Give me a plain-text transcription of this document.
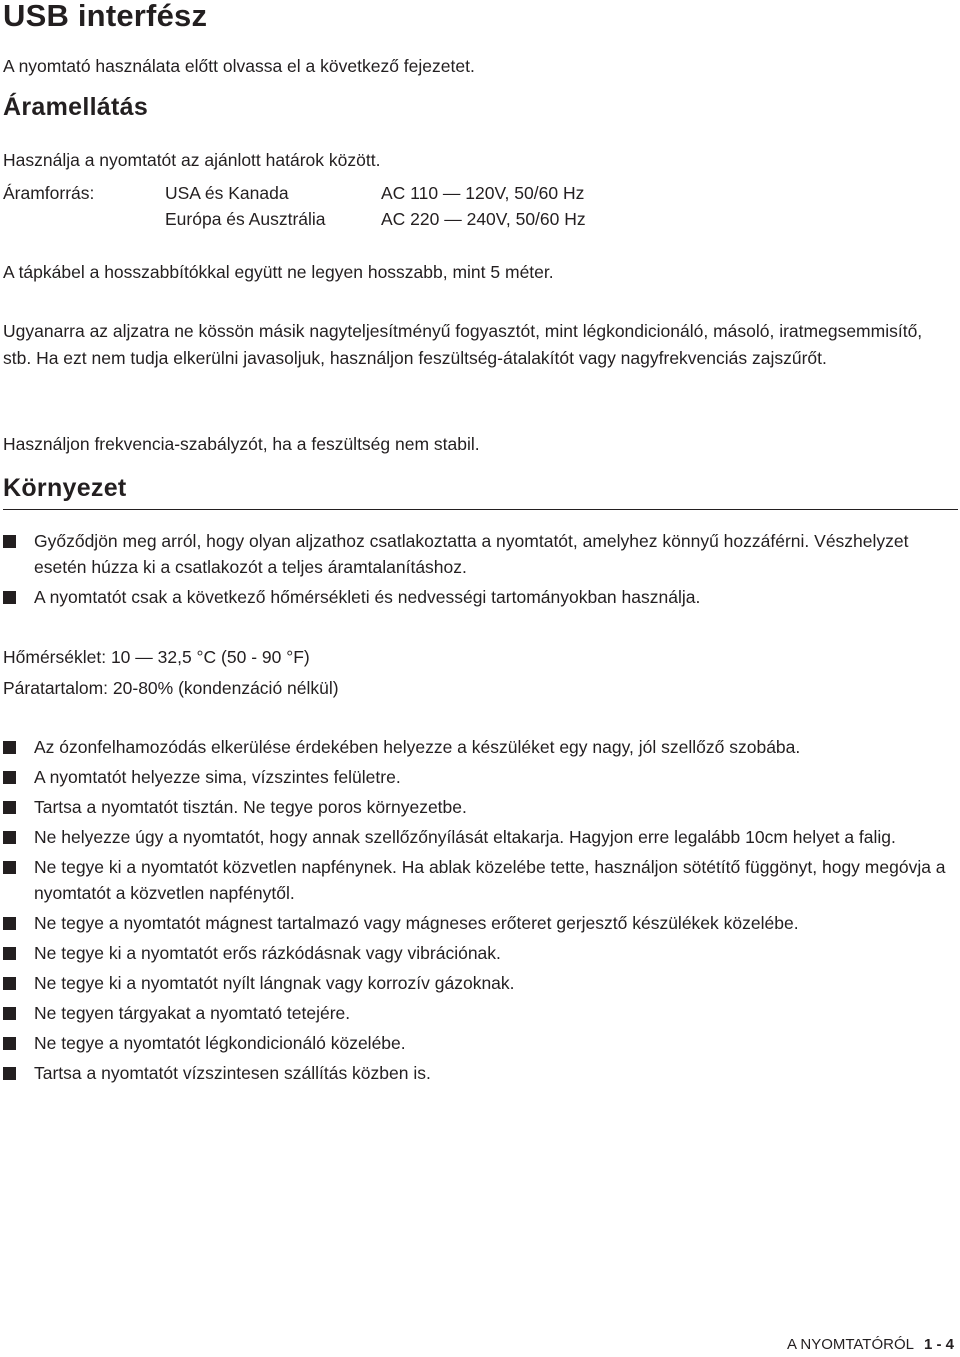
USB interfész

A nyomtató használata előtt olvassa el a következő fejezetet.

Áramellátás

Használja a nyomtatót az ajánlott határok között.

Áramforrás:	USA és Kanada	AC 110 — 120V, 50/60 Hz
Európa és Ausztrália	AC 220 — 240V, 50/60 Hz

A tápkábel a hosszabbítókkal együtt ne legyen hosszabb, mint 5 méter.

Ugyanarra az aljzatra ne kössön másik nagyteljesítményű fogyasztót, mint légkondicionáló, másoló, iratmegsemmisítő, stb. Ha ezt nem tudja elkerülni javasoljuk, használjon feszültség-átalakítót vagy nagyfrekvenciás zajszűrőt.

Használjon frekvencia-szabályzót, ha a feszültség nem stabil.

Környezet
Győződjön meg arról, hogy olyan aljzathoz csatlakoztatta a nyomtatót, amelyhez könnyű hozzáférni. Vészhelyzet esetén húzza ki a csatlakozót a teljes áramtalanításhoz.
A nyomtatót csak a következő hőmérsékleti és nedvességi tartományokban használja.
Hőmérséklet: 10 — 32,5 °C (50 - 90 °F)
Páratartalom: 20-80% (kondenzáció nélkül)
Az ózonfelhamozódás elkerülése érdekében helyezze a készüléket egy nagy, jól szellőző szobába.
A nyomtatót helyezze sima, vízszintes felületre.
Tartsa a nyomtatót tisztán. Ne tegye poros környezetbe.
Ne helyezze úgy a nyomtatót, hogy annak szellőzőnyílását eltakarja. Hagyjon erre legalább 10cm helyet a falig.
Ne tegye ki a nyomtatót közvetlen napfénynek. Ha ablak közelébe tette, használjon sötétítő függönyt, hogy megóvja a nyomtatót a közvetlen napfénytől.
Ne tegye a nyomtatót mágnest tartalmazó vagy mágneses erőteret gerjesztő készülékek közelébe.
Ne tegye ki a nyomtatót erős rázkódásnak vagy vibrációnak.
Ne tegye ki a nyomtatót nyílt lángnak vagy korrozív gázoknak.
Ne tegyen tárgyakat a nyomtató tetejére.
Ne tegye a nyomtatót légkondicionáló közelébe.
Tartsa a nyomtatót vízszintesen szállítás közben is.
A NYOMTATÓRÓL 1 - 4
